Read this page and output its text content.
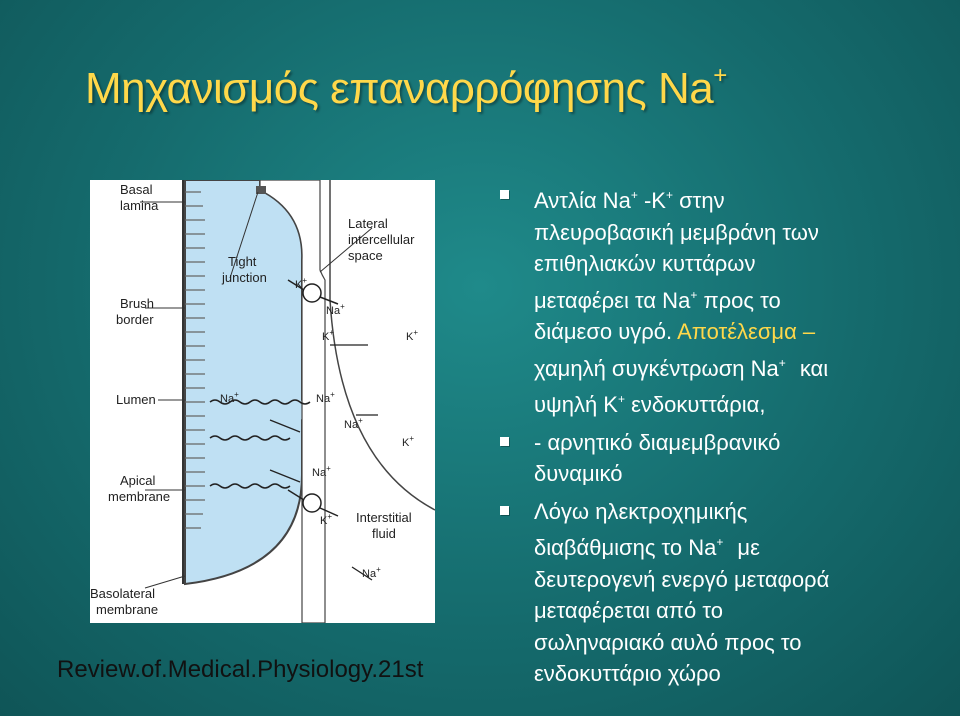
Μηχανισμός επαναρρόφησης Na+
Basal
lamina
Tight
junction
Brush
border
Lumen
Apical
membrane
Basolateral
membrane
Lateral
intercellular
space
Interstitial
fluid
K+
Na+
K+	K+
Na+	Na+
Na+
K+
Na+
K+
Na+
Review.of.Medical.Physiology.21st
Αντλία Na+ -K+ στην
πλευροβασική μεμβράνη των
επιθηλιακών κυττάρων
μεταφέρει τα Na+ προς το
διάμεσο υγρό. Αποτέλεσμα –
χαμηλή συγκέντρωση Na+ και
υψηλή K+ ενδοκυττάρια,
- αρνητικό διαμεμβρανικό
δυναμικό
Λόγω ηλεκτροχημικής
διαβάθμισης το Na+ με
δευτερογενή ενεργό μεταφορά
μεταφέρεται από το
σωληναριακό αυλό προς το
ενδοκυττάριο χώρο
